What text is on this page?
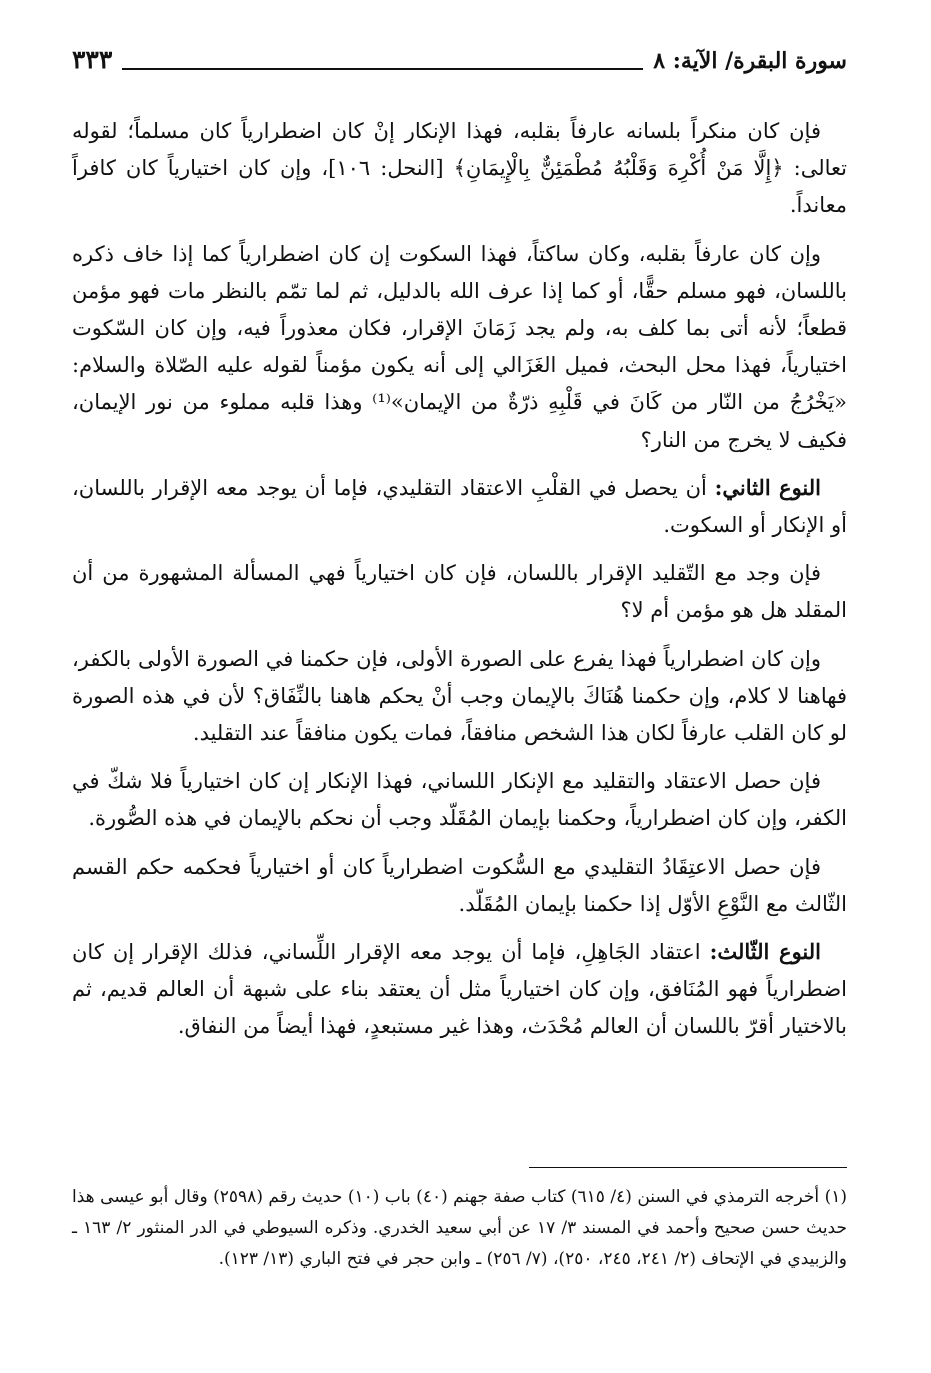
سورة البقرة/ الآية: ٨
٣٣٣

فإن كان منكراً بلسانه عارفاً بقلبه، فهذا الإنكار إنْ كان اضطرارياً كان مسلماً؛ لقوله تعالى: ﴿إِلَّا مَنْ أُكْرِهَ وَقَلْبُهُ مُطْمَئِنٌّ بِالْإِيمَانِ﴾ [النحل: ١٠٦]، وإن كان اختيارياً كان كافراً معانداً.

وإن كان عارفاً بقلبه، وكان ساكتاً، فهذا السكوت إن كان اضطرارياً كما إذا خاف ذكره باللسان، فهو مسلم حقًّا، أو كما إذا عرف الله بالدليل، ثم لما تمّم بالنظر مات فهو مؤمن قطعاً؛ لأنه أتى بما كلف به، ولم يجد زَمَانَ الإقرار، فكان معذوراً فيه، وإن كان السّكوت اختيارياً، فهذا محل البحث، فميل الغَزَالي إلى أنه يكون مؤمناً لقوله عليه الصّلاة والسلام: «يَخْرُجُ من النّار من كَانَ في قَلْبِهِ ذرّةٌ من الإيمان»⁽¹⁾ وهذا قلبه مملوء من نور الإيمان، فكيف لا يخرج من النار؟

النوع الثاني: أن يحصل في القلْبِ الاعتقاد التقليدي، فإما أن يوجد معه الإقرار باللسان، أو الإنكار أو السكوت.

فإن وجد مع التّقليد الإقرار باللسان، فإن كان اختيارياً فهي المسألة المشهورة من أن المقلد هل هو مؤمن أم لا؟

وإن كان اضطرارياً فهذا يفرع على الصورة الأولى، فإن حكمنا في الصورة الأولى بالكفر، فهاهنا لا كلام، وإن حكمنا هُنَاكَ بالإيمان وجب أنْ يحكم هاهنا بالنِّفَاق؟ لأن في هذه الصورة لو كان القلب عارفاً لكان هذا الشخص منافقاً، فمات يكون منافقاً عند التقليد.

فإن حصل الاعتقاد والتقليد مع الإنكار اللساني، فهذا الإنكار إن كان اختيارياً فلا شكّ في الكفر، وإن كان اضطرارياً، وحكمنا بإيمان المُقَلّد وجب أن نحكم بالإيمان في هذه الصُّورة.

فإن حصل الاعتِقَادُ التقليدي مع السُّكوت اضطرارياً كان أو اختيارياً فحكمه حكم القسم الثّالث مع النَّوْعِ الأوّل إذا حكمنا بإيمان المُقَلّد.

النوع الثّالث: اعتقاد الجَاهِلِ، فإما أن يوجد معه الإقرار اللِّساني، فذلك الإقرار إن كان اضطرارياً فهو المُنَافق، وإن كان اختيارياً مثل أن يعتقد بناء على شبهة أن العالم قديم، ثم بالاختيار أقرّ باللسان أن العالم مُحْدَث، وهذا غير مستبعدٍ، فهذا أيضاً من النفاق.

(١) أخرجه الترمذي في السنن (٤/ ٦١٥) كتاب صفة جهنم (٤٠) باب (١٠) حديث رقم (٢٥٩٨) وقال أبو عيسى هذا حديث حسن صحيح وأحمد في المسند ٣/ ١٧ عن أبي سعيد الخدري. وذكره السيوطي في الدر المنثور ٢/ ١٦٣ ـ والزبيدي في الإتحاف (٢/ ٢٤١، ٢٤٥، ٢٥٠)، (٧/ ٢٥٦) ـ وابن حجر في فتح الباري (١٣/ ١٢٣).
